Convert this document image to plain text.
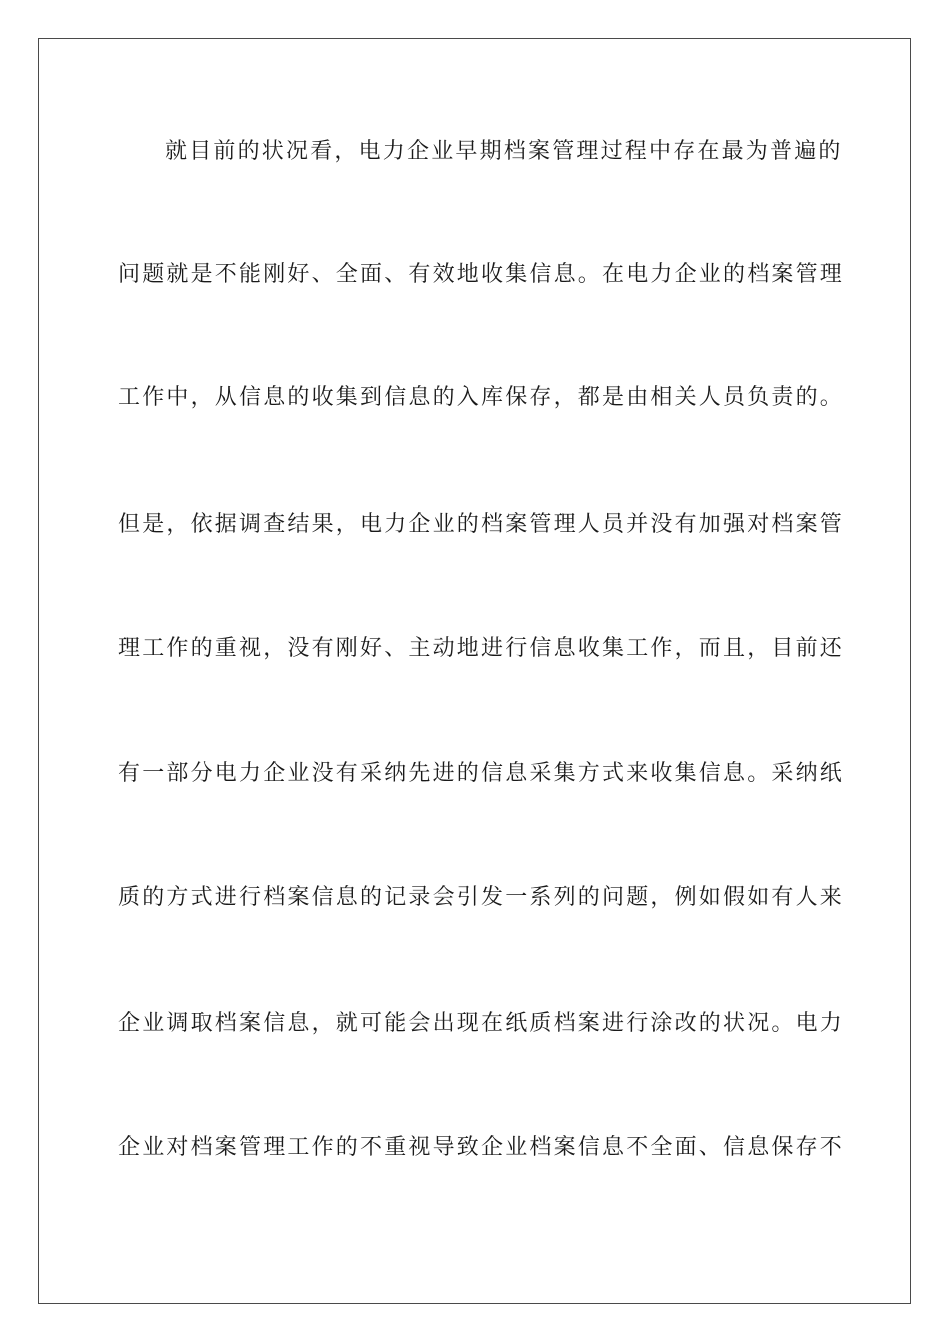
就目前的状况看，电力企业早期档案管理过程中存在最为普遍的
问题就是不能刚好、全面、有效地收集信息。在电力企业的档案管理
工作中，从信息的收集到信息的入库保存，都是由相关人员负责的。
但是，依据调查结果，电力企业的档案管理人员并没有加强对档案管
理工作的重视，没有刚好、主动地进行信息收集工作，而且，目前还
有一部分电力企业没有采纳先进的信息采集方式来收集信息。采纳纸
质的方式进行档案信息的记录会引发一系列的问题，例如假如有人来
企业调取档案信息，就可能会出现在纸质档案进行涂改的状况。电力
企业对档案管理工作的不重视导致企业档案信息不全面、信息保存不
